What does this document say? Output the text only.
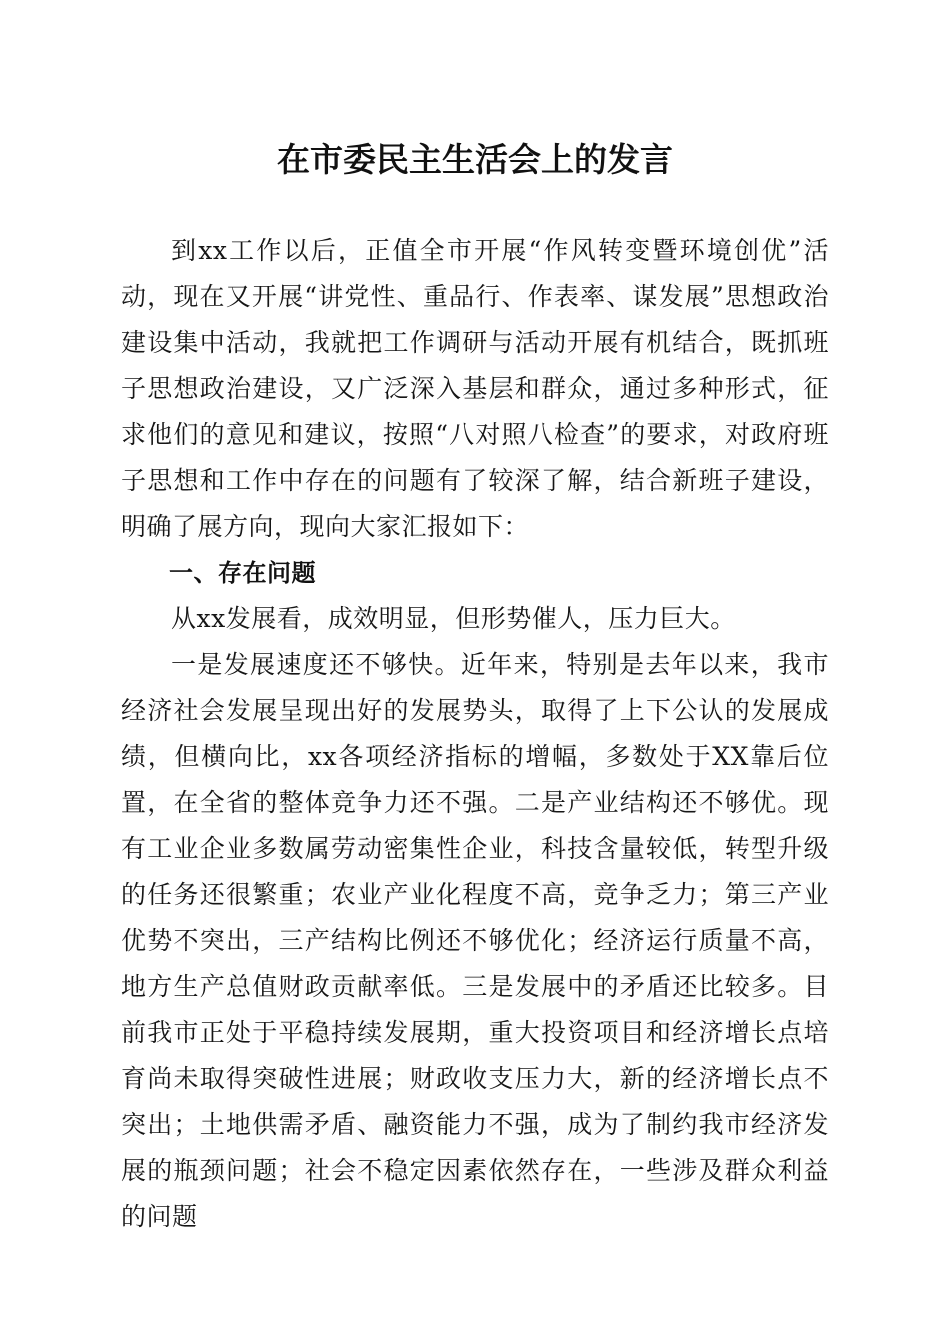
在市委民主生活会上的发言

到xx工作以后，正值全市开展“作风转变暨环境创优”活动，现在又开展“讲党性、重品行、作表率、谋发展”思想政治建设集中活动，我就把工作调研与活动开展有机结合，既抓班子思想政治建设，又广泛深入基层和群众，通过多种形式，征求他们的意见和建议，按照“八对照八检查”的要求，对政府班子思想和工作中存在的问题有了较深了解，结合新班子建设，明确了展方向，现向大家汇报如下：

一、存在问题

从xx发展看，成效明显，但形势催人，压力巨大。

一是发展速度还不够快。近年来，特别是去年以来，我市经济社会发展呈现出好的发展势头，取得了上下公认的发展成绩，但横向比，xx各项经济指标的增幅，多数处于XX靠后位置，在全省的整体竞争力还不强。二是产业结构还不够优。现有工业企业多数属劳动密集性企业，科技含量较低，转型升级的任务还很繁重；农业产业化程度不高，竞争乏力；第三产业优势不突出，三产结构比例还不够优化；经济运行质量不高，地方生产总值财政贡献率低。三是发展中的矛盾还比较多。目前我市正处于平稳持续发展期，重大投资项目和经济增长点培育尚未取得突破性进展；财政收支压力大，新的经济增长点不突出；土地供需矛盾、融资能力不强，成为了制约我市经济发展的瓶颈问题；社会不稳定因素依然存在，一些涉及群众利益的问题
